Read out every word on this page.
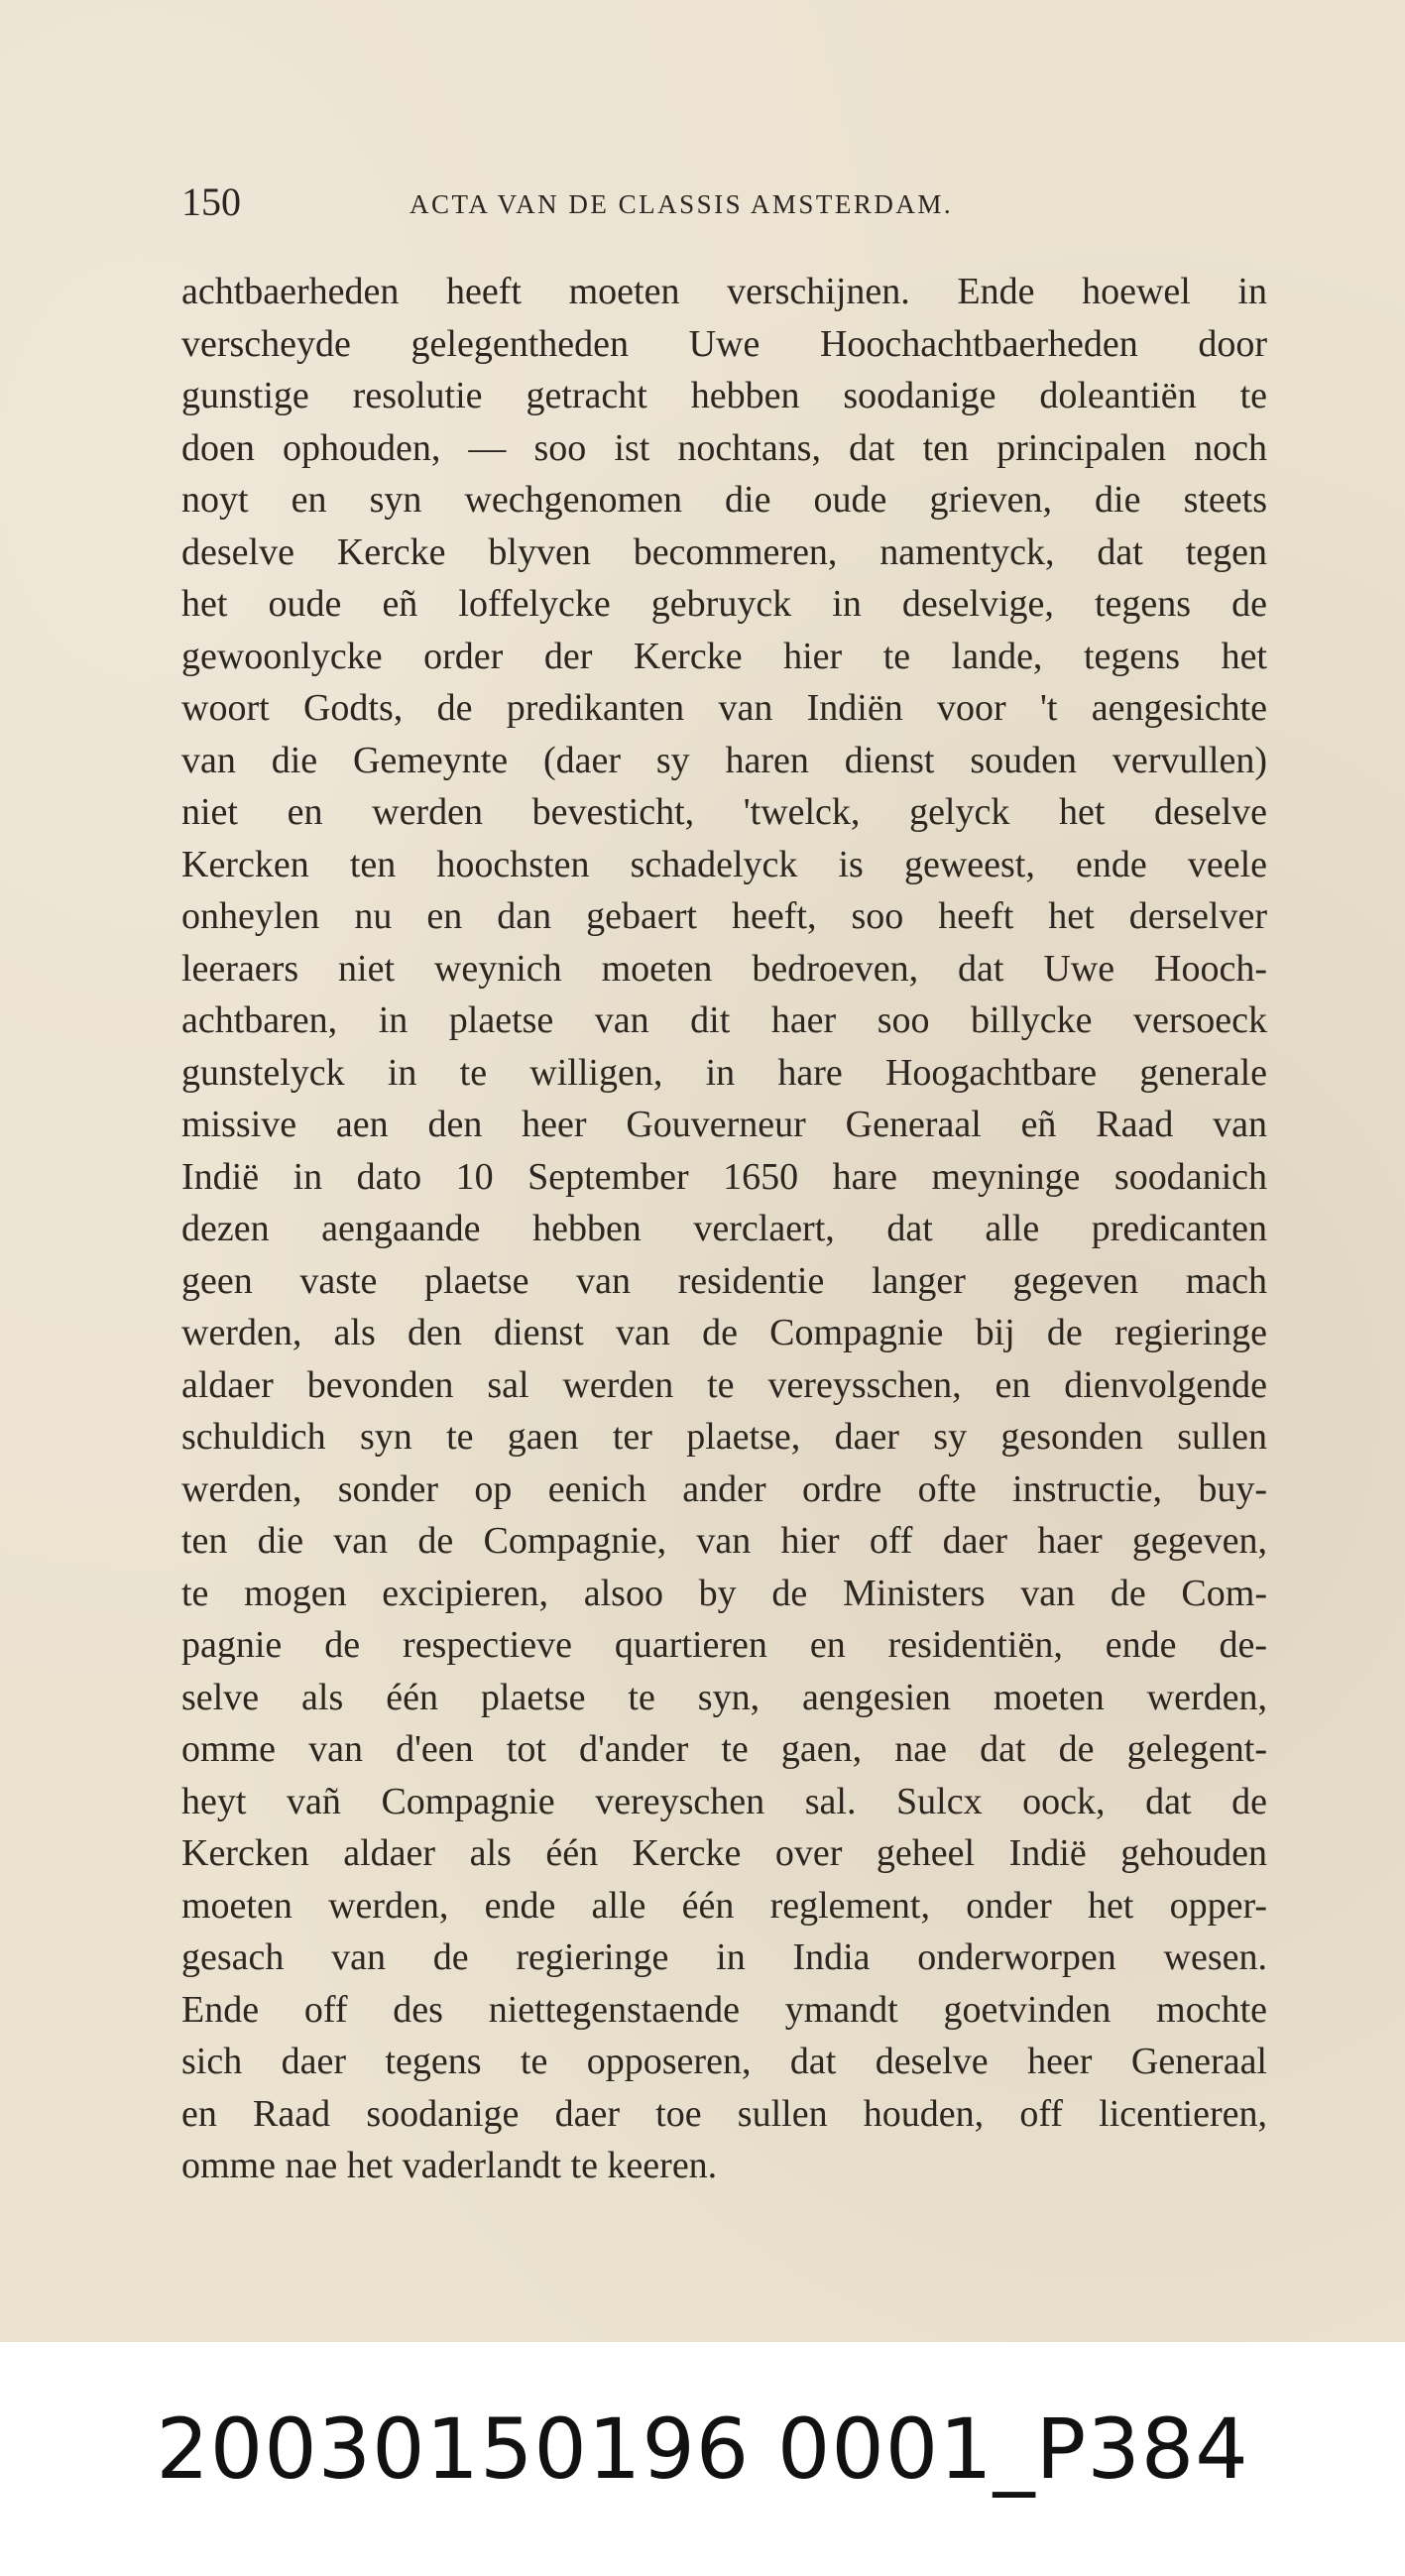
150	ACTA VAN DE CLASSIS AMSTERDAM.
achtbaerheden heeft moeten verschijnen. Ende hoewel in
verscheyde gelegentheden Uwe Hoochachtbaerheden door
gunstige resolutie getracht hebben soodanige doleantiën te
doen ophouden, — soo ist nochtans, dat ten principalen noch
noyt en syn wechgenomen die oude grieven, die steets
deselve Kercke blyven becommeren, namentyck, dat tegen
het oude eñ loffelycke gebruyck in deselvige, tegens de
gewoonlycke order der Kercke hier te lande, tegens het
woort Godts, de predikanten van Indiën voor 't aengesichte
van die Gemeynte (daer sy haren dienst souden vervullen)
niet en werden bevesticht, 'twelck, gelyck het deselve
Kercken ten hoochsten schadelyck is geweest, ende veele
onheylen nu en dan gebaert heeft, soo heeft het derselver
leeraers niet weynich moeten bedroeven, dat Uwe Hooch-
achtbaren, in plaetse van dit haer soo billycke versoeck
gunstelyck in te willigen, in hare Hoogachtbare generale
missive aen den heer Gouverneur Generaal eñ Raad van
Indië in dato 10 September 1650 hare meyninge soodanich
dezen aengaande hebben verclaert, dat alle predicanten
geen vaste plaetse van residentie langer gegeven mach
werden, als den dienst van de Compagnie bij de regieringe
aldaer bevonden sal werden te vereysschen, en dienvolgende
schuldich syn te gaen ter plaetse, daer sy gesonden sullen
werden, sonder op eenich ander ordre ofte instructie, buy-
ten die van de Compagnie, van hier off daer haer gegeven,
te mogen excipieren, alsoo by de Ministers van de Com-
pagnie de respectieve quartieren en residentiën, ende de-
selve als één plaetse te syn, aengesien moeten werden,
omme van d'een tot d'ander te gaen, nae dat de gelegent-
heyt vañ Compagnie vereyschen sal. Sulcx oock, dat de
Kercken aldaer als één Kercke over geheel Indië gehouden
moeten werden, ende alle één reglement, onder het opper-
gesach van de regieringe in India onderworpen wesen.
Ende off des niettegenstaende ymandt goetvinden mochte
sich daer tegens te opposeren, dat deselve heer Generaal
en Raad soodanige daer toe sullen houden, off licentieren,
omme nae het vaderlandt te keeren.
20030150196 0001_P384
